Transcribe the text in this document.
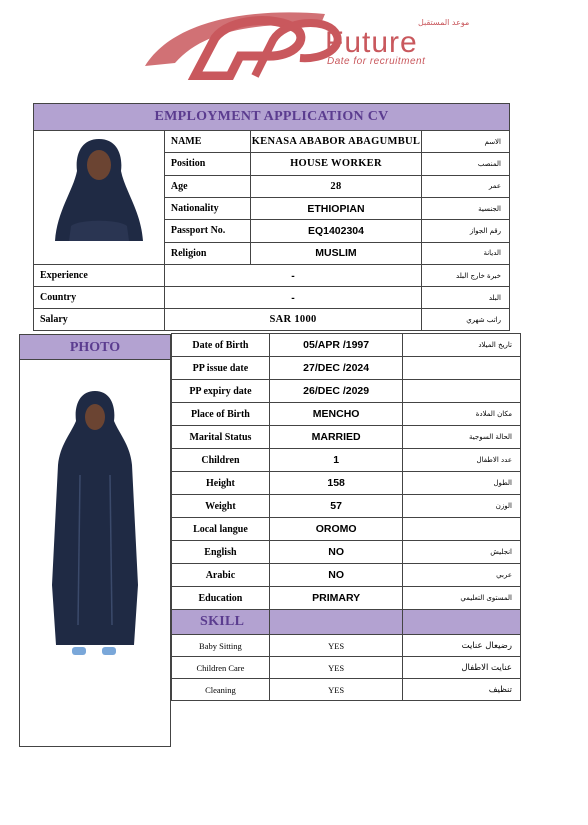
موعد المستقبل
Future
Date for recruitment
EMPLOYMENT APPLICATION CV			
	NAME	KENASA ABABOR ABAGUMBUL	الاسم
	Position	HOUSE WORKER	المنصب
	Age	28	عمر
	Nationality	ETHIOPIAN	الجنسية
	Passport No.	EQ1402304	رقم الجواز
	Religion	MUSLIM	الديانة
Experience	-		خبرة خارج البلد
Country	-		البلد
Salary	SAR 1000		راتب شهري
PHOTO	Date of Birth	05/APR /1997	تاريخ الميلاد
PP issue date	27/DEC /2024	
PP expiry date	26/DEC /2029	
Place of Birth	MENCHO	مكان الملادة
Marital Status	MARRIED	الحالة السوجية
Children	1	عدد الاطفال
Height	158	الطول
Weight	57	الوزن
Local langue	OROMO	
English	NO	انجليش
Arabic	NO	عربي
Education	PRIMARY	المستوى التعليمي
SKILL		
Baby Sitting	YES	رضيعال عنايت
Children Care	YES	عنايت الاطفال
Cleaning	YES	تنظيف
